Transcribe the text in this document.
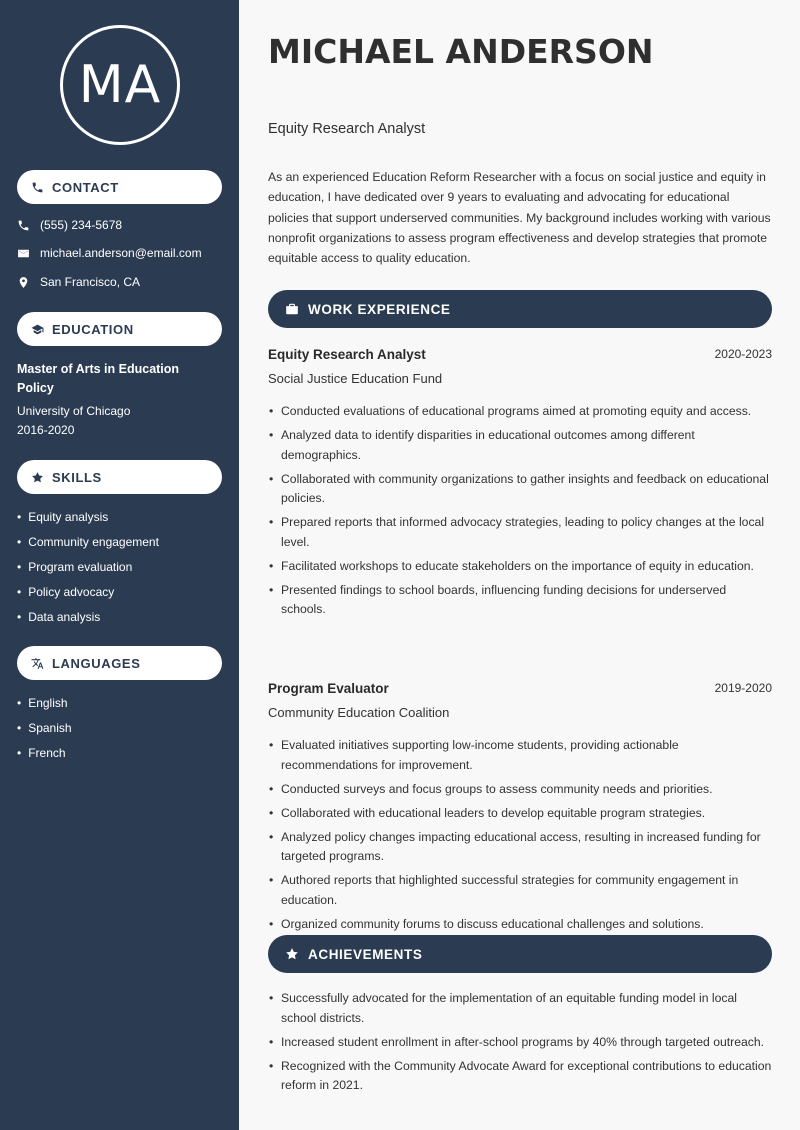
MA
CONTACT
(555) 234-5678
michael.anderson@email.com
San Francisco, CA
EDUCATION
Master of Arts in Education Policy
University of Chicago
2016-2020
SKILLS
• Equity analysis
• Community engagement
• Program evaluation
• Policy advocacy
• Data analysis
LANGUAGES
• English
• Spanish
• French
MICHAEL ANDERSON
Equity Research Analyst

As an experienced Education Reform Researcher with a focus on social justice and equity in education, I have dedicated over 9 years to evaluating and advocating for educational policies that support underserved communities. My background includes working with various nonprofit organizations to assess program effectiveness and develop strategies that promote equitable access to quality education.

WORK EXPERIENCE
Equity Research Analyst	2020-2023
Social Justice Education Fund
• Conducted evaluations of educational programs aimed at promoting equity and access.
• Analyzed data to identify disparities in educational outcomes among different demographics.
• Collaborated with community organizations to gather insights and feedback on educational policies.
• Prepared reports that informed advocacy strategies, leading to policy changes at the local level.
• Facilitated workshops to educate stakeholders on the importance of equity in education.
• Presented findings to school boards, influencing funding decisions for underserved schools.
Program Evaluator	2019-2020
Community Education Coalition
• Evaluated initiatives supporting low-income students, providing actionable recommendations for improvement.
• Conducted surveys and focus groups to assess community needs and priorities.
• Collaborated with educational leaders to develop equitable program strategies.
• Analyzed policy changes impacting educational access, resulting in increased funding for targeted programs.
• Authored reports that highlighted successful strategies for community engagement in education.
• Organized community forums to discuss educational challenges and solutions.
ACHIEVEMENTS
• Successfully advocated for the implementation of an equitable funding model in local school districts.
• Increased student enrollment in after-school programs by 40% through targeted outreach.
• Recognized with the Community Advocate Award for exceptional contributions to education reform in 2021.
